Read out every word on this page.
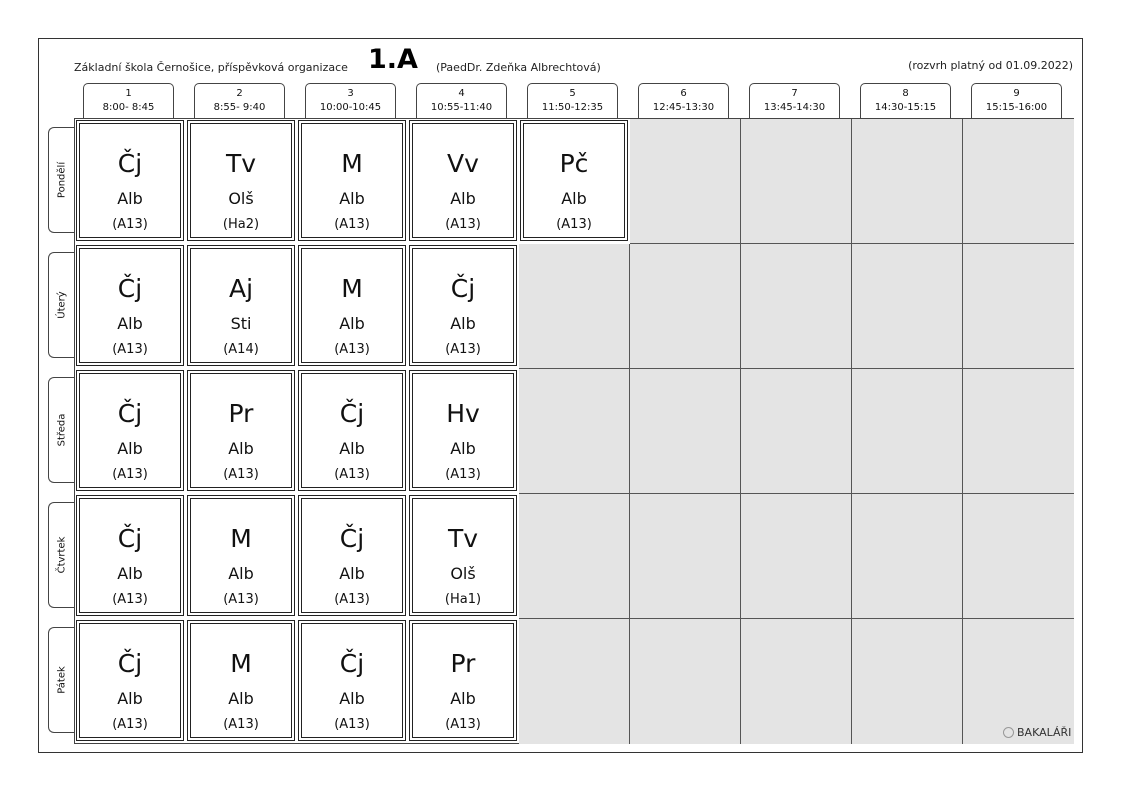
Základní škola Černošice, příspěvková organizace 1.A (PaedDr. Zdeňka Albrechtová)	(rozvrh platný od 01.09.2022)
1
8:00- 8:45
2
8:55- 9:40
3
10:00-10:45
4
10:55-11:40
5
11:50-12:35
6
12:45-13:30
7
13:45-14:30
8
14:30-15:15
9
15:15-16:00
Pondělí
Úterý
Středa
Čtvrtek
Pátek
Čj
Alb
(A13)
Tv
Olš
(Ha2)
M
Alb
(A13)
Vv
Alb
(A13)
Pč
Alb
(A13)
Čj
Alb
(A13)
Aj
Sti
(A14)
M
Alb
(A13)
Čj
Alb
(A13)
Čj
Alb
(A13)
Pr
Alb
(A13)
Čj
Alb
(A13)
Hv
Alb
(A13)
Čj
Alb
(A13)
M
Alb
(A13)
Čj
Alb
(A13)
Tv
Olš
(Ha1)
Čj
Alb
(A13)
M
Alb
(A13)
Čj
Alb
(A13)
Pr
Alb
(A13)
BAKALÁŘI
